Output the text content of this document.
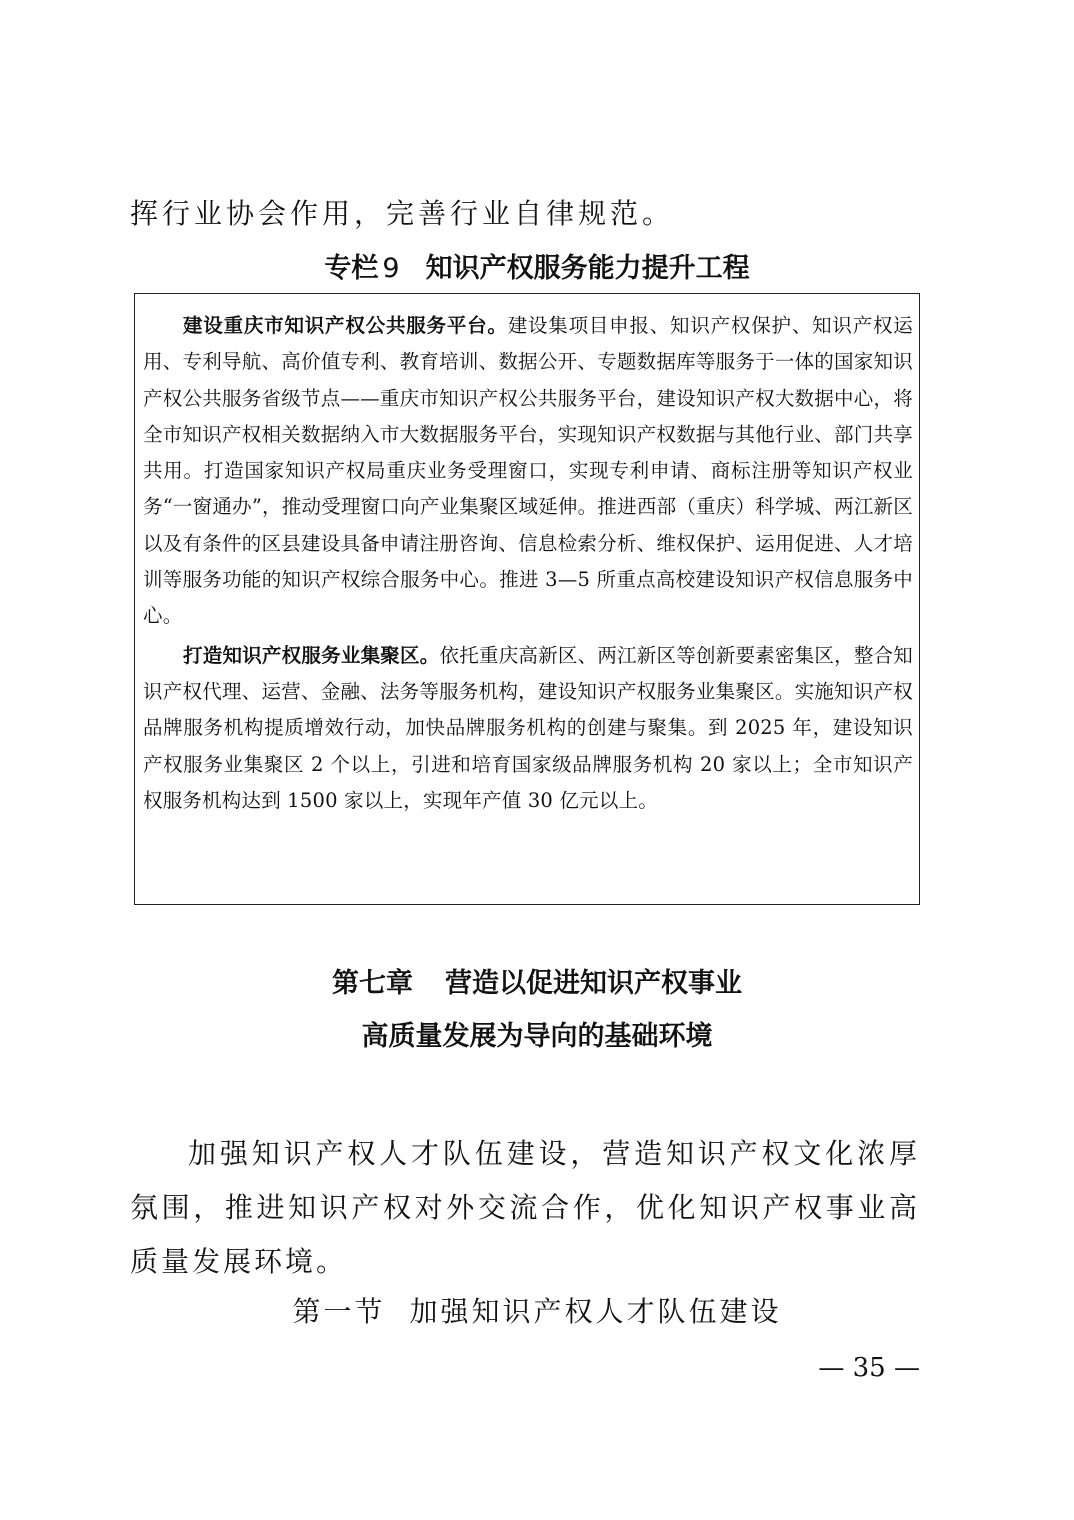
挥行业协会作用，完善行业自律规范。
专栏 9 知识产权服务能力提升工程

建设重庆市知识产权公共服务平台。建设集项目申报、知识产权保护、知识产权运用、专利导航、高价值专利、教育培训、数据公开、专题数据库等服务于一体的国家知识产权公共服务省级节点——重庆市知识产权公共服务平台，建设知识产权大数据中心，将全市知识产权相关数据纳入市大数据服务平台，实现知识产权数据与其他行业、部门共享共用。打造国家知识产权局重庆业务受理窗口，实现专利申请、商标注册等知识产权业务“一窗通办”，推动受理窗口向产业集聚区域延伸。推进西部（重庆）科学城、两江新区以及有条件的区县建设具备申请注册咨询、信息检索分析、维权保护、运用促进、人才培训等服务功能的知识产权综合服务中心。推进 3—5 所重点高校建设知识产权信息服务中心。

打造知识产权服务业集聚区。依托重庆高新区、两江新区等创新要素密集区，整合知识产权代理、运营、金融、法务等服务机构，建设知识产权服务业集聚区。实施知识产权品牌服务机构提质增效行动，加快品牌服务机构的创建与聚集。到 2025 年，建设知识产权服务业集聚区 2 个以上，引进和培育国家级品牌服务机构 20 家以上；全市知识产权服务机构达到 1500 家以上，实现年产值 30 亿元以上。

第七章 营造以促进知识产权事业
高质量发展为导向的基础环境
加强知识产权人才队伍建设，营造知识产权文化浓厚氛围，推进知识产权对外交流合作，优化知识产权事业高质量发展环境。
第一节 加强知识产权人才队伍建设
— 35 —
